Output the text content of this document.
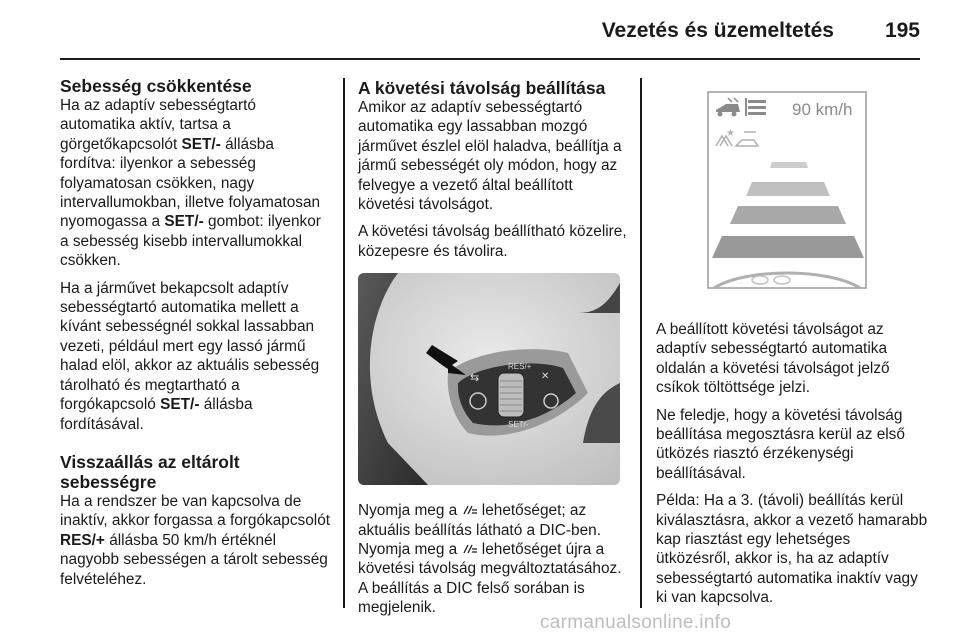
Vezetés és üzemeltetés 195
Sebesség csökkentése

Ha az adaptív sebességtartó automatika aktív, tartsa a görgetőkapcsolót SET/- állásba fordítva: ilyenkor a sebesség folyamatosan csökken, nagy intervallumokban, illetve folyamatosan nyomogassa a SET/- gombot: ilyenkor a sebesség kisebb intervallumokkal csökken.

Ha a járművet bekapcsolt adaptív sebességtartó automatika mellett a kívánt sebességnél sokkal lassabban vezeti, például mert egy lassó jármű halad elöl, akkor az aktuális sebesség tárolható és megtartható a forgókapcsoló SET/- állásba fordításával.

Visszaállás az eltárolt sebességre

Ha a rendszer be van kapcsolva de inaktív, akkor forgassa a forgókapcsolót RES/+ állásba 50 km/h értéknél nagyobb sebességen a tárolt sebesség felvételéhez.

A követési távolság beállítása

Amikor az adaptív sebességtartó automatika egy lassabban mozgó járművet észlel elöl haladva, beállítja a jármű sebességét oly módon, hogy az felvegye a vezető által beállított követési távolságot.

A követési távolság beállítható közelire, közepesre és távolira.

RES/+
SET/-
⇆	✕

Nyomja meg a  lehetőséget; az aktuális beállítás látható a DIC-ben. Nyomja meg a  lehetőséget újra a követési távolság megváltoztatásához. A beállítás a DIC felső sorában is megjelenik.

90 km/h
★

A beállított követési távolságot az adaptív sebességtartó automatika oldalán a követési távolságot jelző csíkok töltöttsége jelzi.

Ne feledje, hogy a követési távolság beállítása megosztásra kerül az első ütközés riasztó érzékenységi beállításával.

Példa: Ha a 3. (távoli) beállítás kerül kiválasztásra, akkor a vezető hamarabb kap riasztást egy lehetséges ütközésről, akkor is, ha az adaptív sebességtartó automatika inaktív vagy ki van kapcsolva.

carmanualsonline.info
